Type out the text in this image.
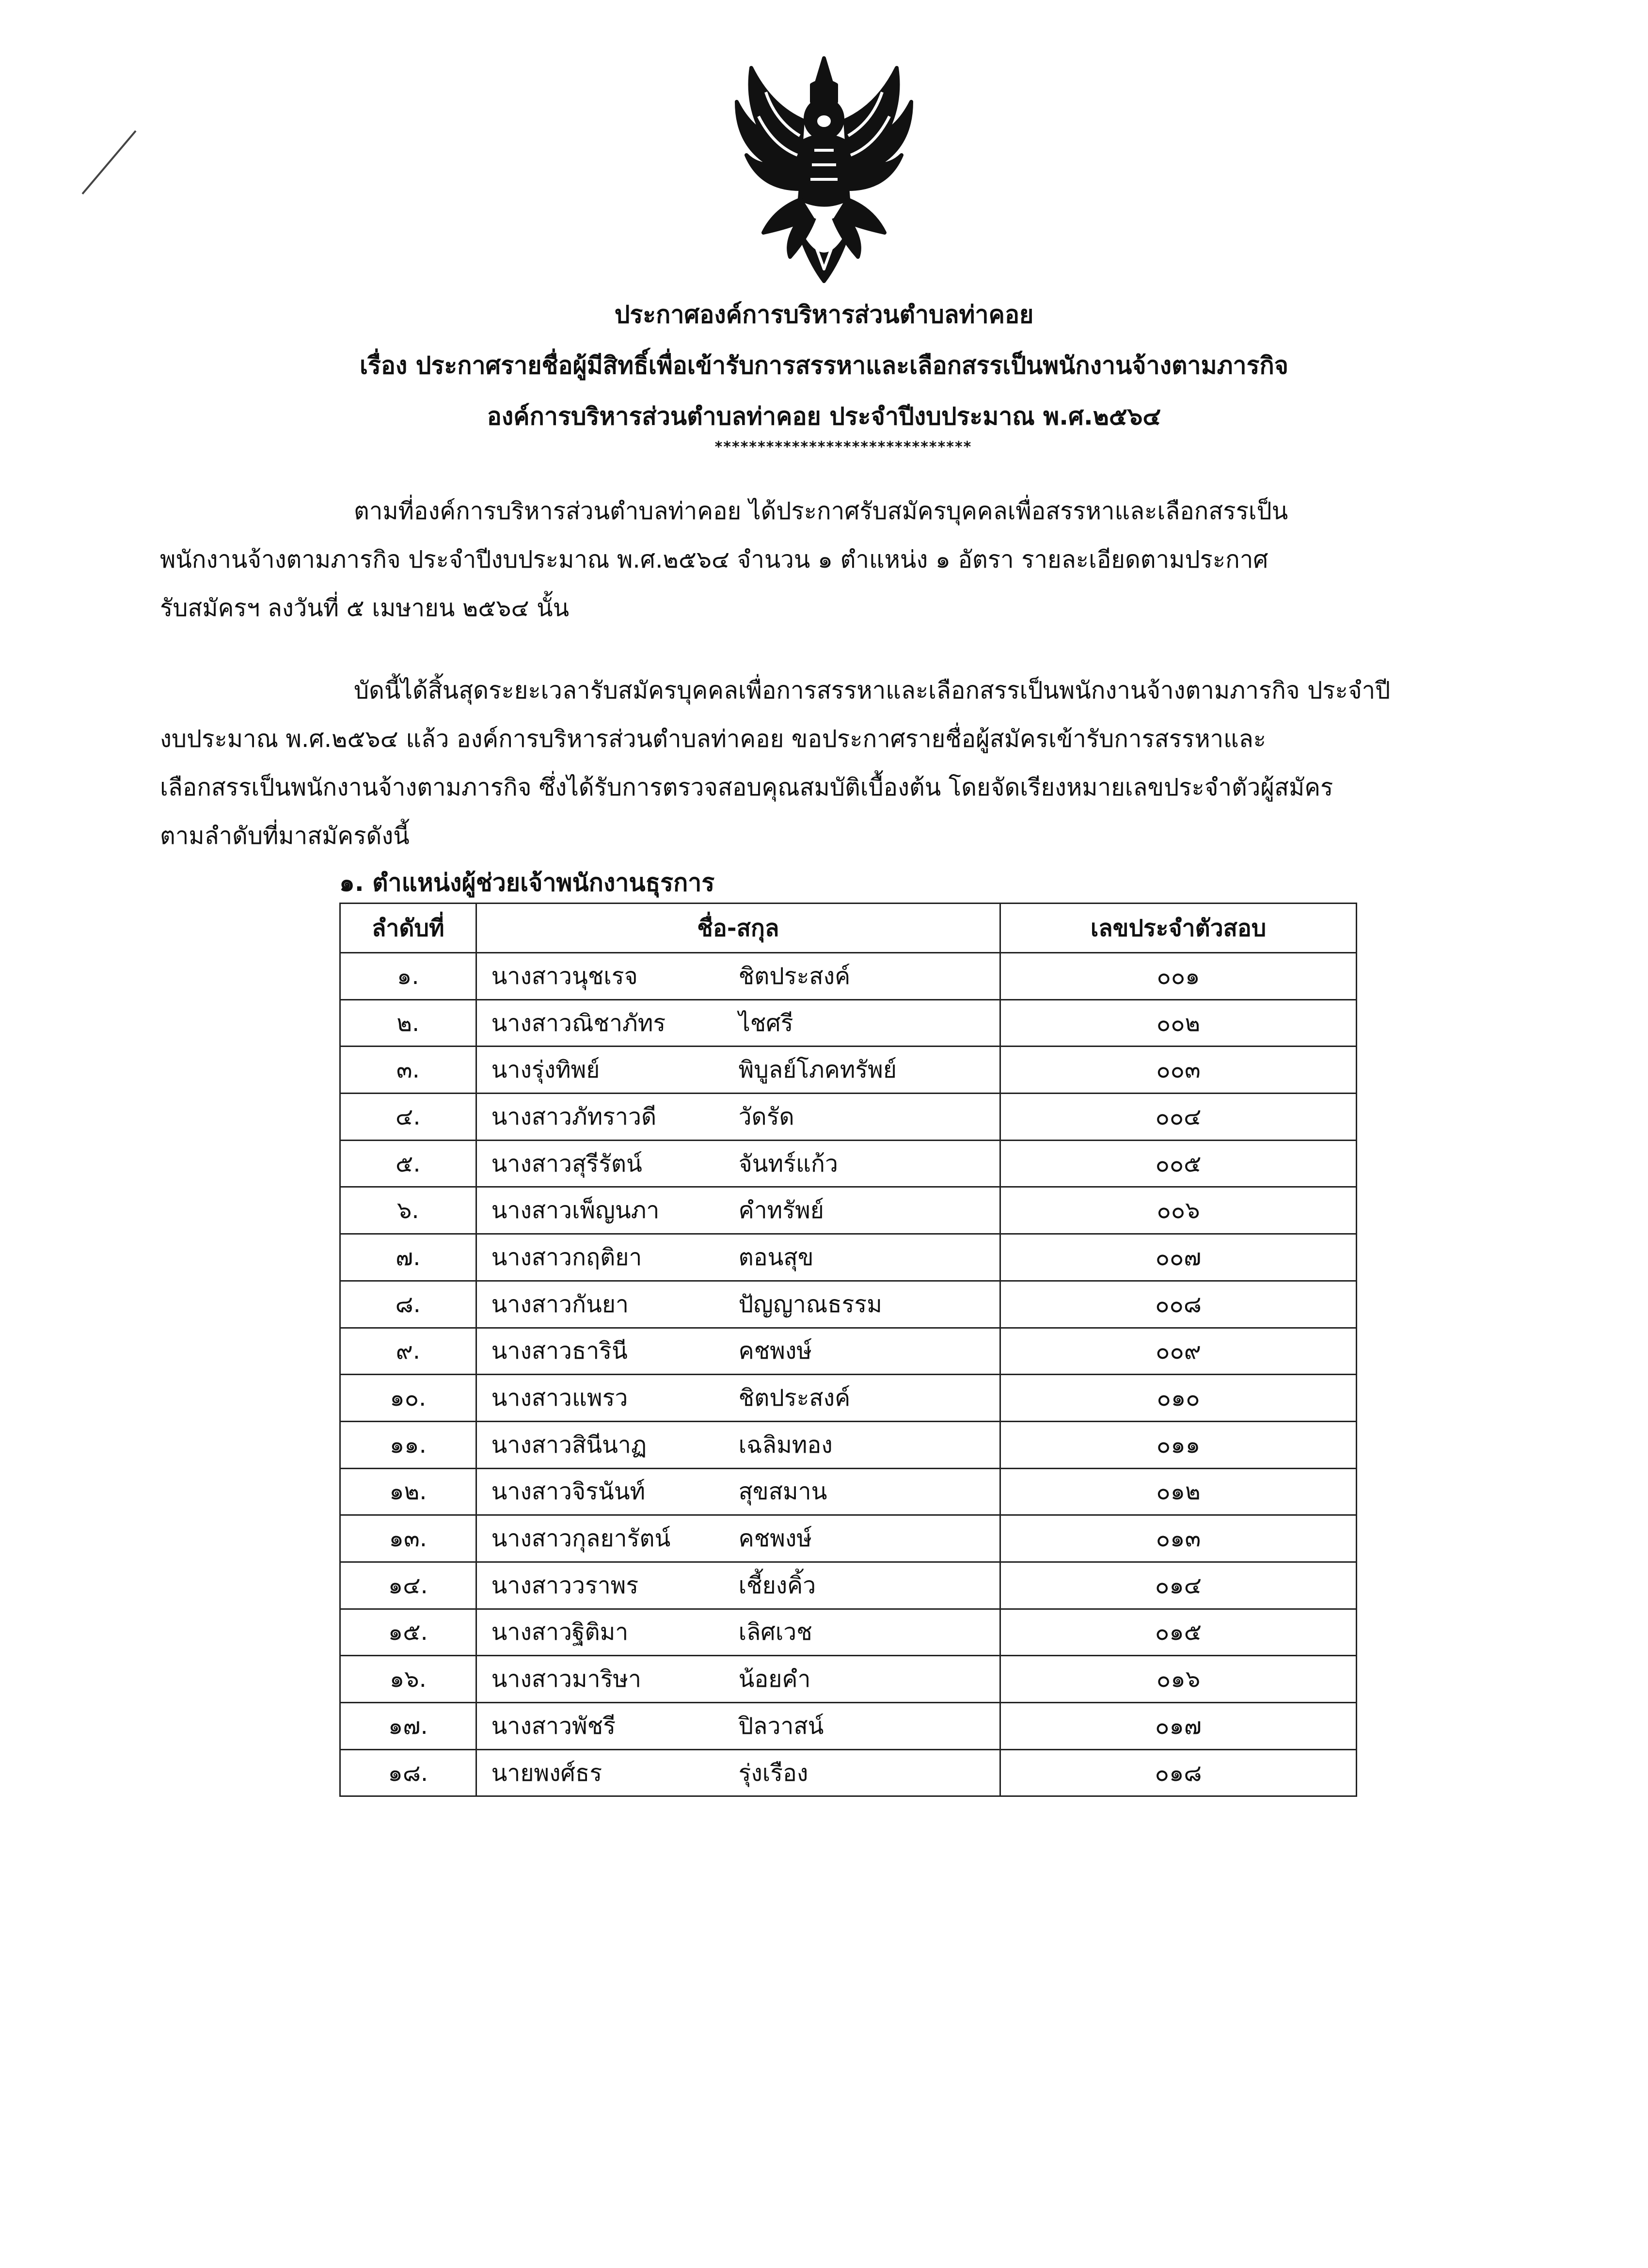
ประกาศองค์การบริหารส่วนตำบลท่าคอย
เรื่อง ประกาศรายชื่อผู้มีสิทธิ์เพื่อเข้ารับการสรรหาและเลือกสรรเป็นพนักงานจ้างตามภารกิจ
องค์การบริหารส่วนตำบลท่าคอย ประจำปีงบประมาณ พ.ศ.๒๕๖๔
******************************
ตามที่องค์การบริหารส่วนตำบลท่าคอย ได้ประกาศรับสมัครบุคคลเพื่อสรรหาและเลือกสรรเป็น
พนักงานจ้างตามภารกิจ ประจำปีงบประมาณ พ.ศ.๒๕๖๔ จำนวน ๑ ตำแหน่ง ๑ อัตรา รายละเอียดตามประกาศ
รับสมัครฯ ลงวันที่ ๕ เมษายน ๒๕๖๔ นั้น
บัดนี้ได้สิ้นสุดระยะเวลารับสมัครบุคคลเพื่อการสรรหาและเลือกสรรเป็นพนักงานจ้างตามภารกิจ ประจำปี
งบประมาณ พ.ศ.๒๕๖๔ แล้ว องค์การบริหารส่วนตำบลท่าคอย ขอประกาศรายชื่อผู้สมัครเข้ารับการสรรหาและ
เลือกสรรเป็นพนักงานจ้างตามภารกิจ ซึ่งได้รับการตรวจสอบคุณสมบัติเบื้องต้น โดยจัดเรียงหมายเลขประจำตัวผู้สมัคร
ตามลำดับที่มาสมัครดังนี้
๑. ตำแหน่งผู้ช่วยเจ้าพนักงานธุรการ
ลำดับที่	ชื่อ-สกุล	เลขประจำตัวสอบ
๑.	นางสาวนุชเรจ ชิตประสงค์	๐๐๑
๒.	นางสาวณิชาภัทร ไชศรี	๐๐๒
๓.	นางรุ่งทิพย์ พิบูลย์โภคทรัพย์	๐๐๓
๔.	นางสาวภัทราวดี วัดรัด	๐๐๔
๕.	นางสาวสุรีรัตน์ จันทร์แก้ว	๐๐๕
๖.	นางสาวเพ็ญนภา คำทรัพย์	๐๐๖
๗.	นางสาวกฤติยา ตอนสุข	๐๐๗
๘.	นางสาวกันยา ปัญญาณธรรม	๐๐๘
๙.	นางสาวธารินี คชพงษ์	๐๐๙
๑๐.	นางสาวแพรว ชิตประสงค์	๐๑๐
๑๑.	นางสาวสินีนาฏ เฉลิมทอง	๐๑๑
๑๒.	นางสาวจิรนันท์ สุขสมาน	๐๑๒
๑๓.	นางสาวกุลยารัตน์ คชพงษ์	๐๑๓
๑๔.	นางสาววราพร เชี้ยงคิ้ว	๐๑๔
๑๕.	นางสาวฐิติมา เลิศเวช	๐๑๕
๑๖.	นางสาวมาริษา น้อยคำ	๐๑๖
๑๗.	นางสาวพัชรี ปิลวาสน์	๐๑๗
๑๘.	นายพงศ์ธร รุ่งเรือง	๐๑๘
